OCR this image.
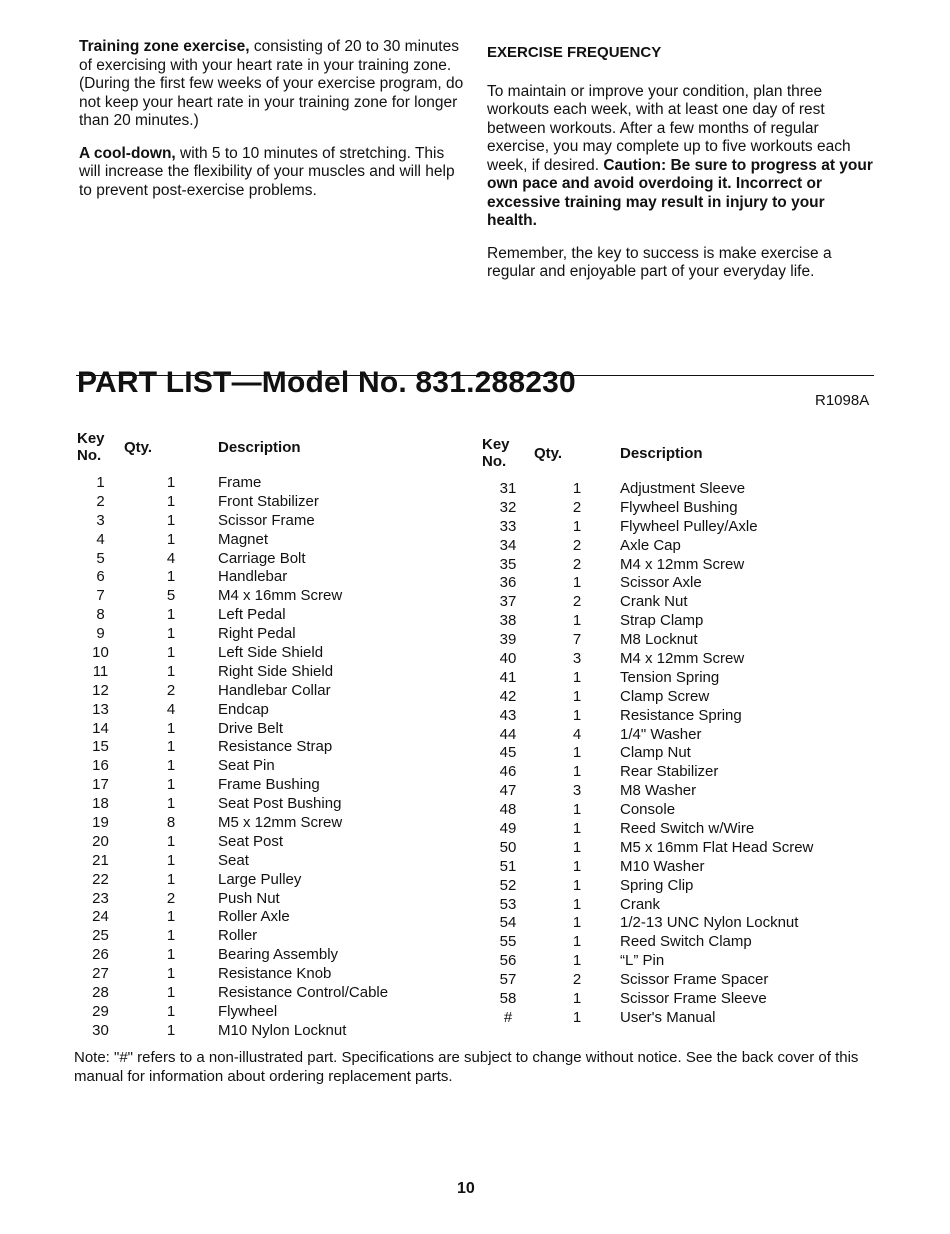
Training zone exercise, consisting of 20 to 30 minutes of exercising with your heart rate in your training zone. (During the first few weeks of your exercise program, do not keep your heart rate in your training zone for longer than 20 minutes.)

A cool-down, with 5 to 10 minutes of stretching. This will increase the flexibility of your muscles and will help to prevent post-exercise problems.

EXERCISE FREQUENCY

To maintain or improve your condition, plan three workouts each week, with at least one day of rest between workouts. After a few months of regular exercise, you may complete up to five workouts each week, if desired. Caution: Be sure to progress at your own pace and avoid overdoing it. Incorrect or excessive training may result in injury to your health.

Remember, the key to success is make exercise a regular and enjoyable part of your everyday life.

PART LIST—Model No. 831.288230
R1098A
Key No.	Qty.	Description
1	1	Frame
2	1	Front Stabilizer
3	1	Scissor Frame
4	1	Magnet
5	4	Carriage Bolt
6	1	Handlebar
7	5	M4 x 16mm Screw
8	1	Left Pedal
9	1	Right Pedal
10	1	Left Side Shield
11	1	Right Side Shield
12	2	Handlebar Collar
13	4	Endcap
14	1	Drive Belt
15	1	Resistance Strap
16	1	Seat Pin
17	1	Frame Bushing
18	1	Seat Post Bushing
19	8	M5 x 12mm Screw
20	1	Seat Post
21	1	Seat
22	1	Large Pulley
23	2	Push Nut
24	1	Roller Axle
25	1	Roller
26	1	Bearing Assembly
27	1	Resistance Knob
28	1	Resistance Control/Cable
29	1	Flywheel
30	1	M10 Nylon Locknut
Key No.	Qty.	Description
31	1	Adjustment Sleeve
32	2	Flywheel Bushing
33	1	Flywheel Pulley/Axle
34	2	Axle Cap
35	2	M4 x 12mm Screw
36	1	Scissor Axle
37	2	Crank Nut
38	1	Strap Clamp
39	7	M8 Locknut
40	3	M4 x 12mm Screw
41	1	Tension Spring
42	1	Clamp Screw
43	1	Resistance Spring
44	4	1/4" Washer
45	1	Clamp Nut
46	1	Rear Stabilizer
47	3	M8 Washer
48	1	Console
49	1	Reed Switch w/Wire
50	1	M5 x 16mm Flat Head Screw
51	1	M10 Washer
52	1	Spring Clip
53	1	Crank
54	1	1/2-13 UNC Nylon Locknut
55	1	Reed Switch Clamp
56	1	“L” Pin
57	2	Scissor Frame Spacer
58	1	Scissor Frame Sleeve
#	1	User's Manual
Note: "#" refers to a non-illustrated part. Specifications are subject to change without notice. See the back cover of this manual for information about ordering replacement parts.
10
